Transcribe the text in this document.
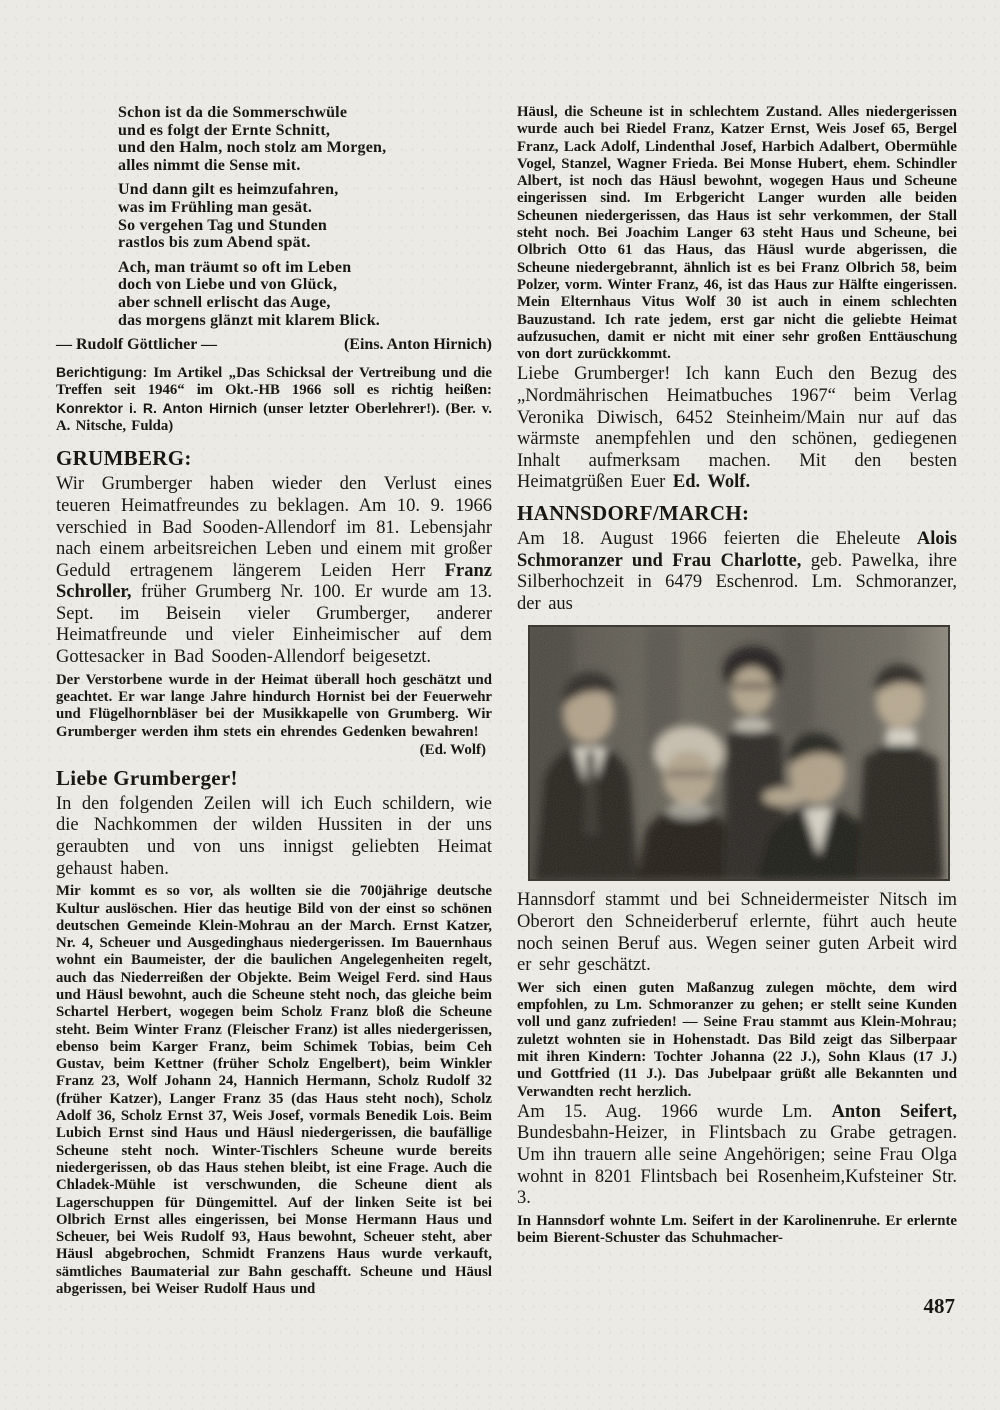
Schon ist da die Sommerschwüle
und es folgt der Ernte Schnitt,
und den Halm, noch stolz am Morgen,
alles nimmt die Sense mit.
Und dann gilt es heimzufahren,
was im Frühling man gesät.
So vergehen Tag und Stunden
rastlos bis zum Abend spät.
Ach, man träumt so oft im Leben
doch von Liebe und von Glück,
aber schnell erlischt das Auge,
das morgens glänzt mit klarem Blick.
— Rudolf Göttlicher —	(Eins. Anton Hirnich)

Berichtigung: Im Artikel „Das Schicksal der Vertreibung und die Treffen seit 1946“ im Okt.-HB 1966 soll es richtig heißen: Konrektor i. R. Anton Hirnich (unser letzter Oberlehrer!). (Ber. v. A. Nitsche, Fulda)

GRUMBERG:

Wir Grumberger haben wieder den Verlust eines teueren Heimatfreundes zu beklagen. Am 10. 9. 1966 verschied in Bad Sooden-Allendorf im 81. Lebensjahr nach einem arbeitsreichen Leben und einem mit großer Geduld ertragenem längerem Leiden Herr Franz Schroller, früher Grumberg Nr. 100. Er wurde am 13. Sept. im Beisein vieler Grumberger, anderer Heimatfreunde und vieler Einheimischer auf dem Gottesacker in Bad Sooden-Allendorf beigesetzt.

Der Verstorbene wurde in der Heimat überall hoch geschätzt und geachtet. Er war lange Jahre hindurch Hornist bei der Feuerwehr und Flügelhornbläser bei der Musikkapelle von Grumberg. Wir Grumberger werden ihm stets ein ehrendes Gedenken bewahren!

(Ed. Wolf)
Liebe Grumberger!

In den folgenden Zeilen will ich Euch schildern, wie die Nachkommen der wilden Hussiten in der uns geraubten und von uns innigst geliebten Heimat gehaust haben.

Mir kommt es so vor, als wollten sie die 700jährige deutsche Kultur auslöschen. Hier das heutige Bild von der einst so schönen deutschen Gemeinde Klein-Mohrau an der March. Ernst Katzer, Nr. 4, Scheuer und Ausgedinghaus niedergerissen. Im Bauernhaus wohnt ein Baumeister, der die baulichen Angelegenheiten regelt, auch das Niederreißen der Objekte. Beim Weigel Ferd. sind Haus und Häusl bewohnt, auch die Scheune steht noch, das gleiche beim Schartel Herbert, wogegen beim Scholz Franz bloß die Scheune steht. Beim Winter Franz (Fleischer Franz) ist alles niedergerissen, ebenso beim Karger Franz, beim Schimek Tobias, beim Ceh Gustav, beim Kettner (früher Scholz Engelbert), beim Winkler Franz 23, Wolf Johann 24, Hannich Hermann, Scholz Rudolf 32 (früher Katzer), Langer Franz 35 (das Haus steht noch), Scholz Adolf 36, Scholz Ernst 37, Weis Josef, vormals Benedik Lois. Beim Lubich Ernst sind Haus und Häusl niedergerissen, die baufällige Scheune steht noch. Winter-Tischlers Scheune wurde bereits niedergerissen, ob das Haus stehen bleibt, ist eine Frage. Auch die Chladek-Mühle ist verschwunden, die Scheune dient als Lagerschuppen für Düngemittel. Auf der linken Seite ist bei Olbrich Ernst alles eingerissen, bei Monse Hermann Haus und Scheuer, bei Weis Rudolf 93, Haus bewohnt, Scheuer steht, aber Häusl abgebrochen, Schmidt Franzens Haus wurde verkauft, sämtliches Baumaterial zur Bahn geschafft. Scheune und Häusl abgerissen, bei Weiser Rudolf Haus und

Häusl, die Scheune ist in schlechtem Zustand. Alles niedergerissen wurde auch bei Riedel Franz, Katzer Ernst, Weis Josef 65, Bergel Franz, Lack Adolf, Lindenthal Josef, Harbich Adalbert, Obermühle Vogel, Stanzel, Wagner Frieda. Bei Monse Hubert, ehem. Schindler Albert, ist noch das Häusl bewohnt, wogegen Haus und Scheune eingerissen sind. Im Erbgericht Langer wurden alle beiden Scheunen niedergerissen, das Haus ist sehr verkommen, der Stall steht noch. Bei Joachim Langer 63 steht Haus und Scheune, bei Olbrich Otto 61 das Haus, das Häusl wurde abgerissen, die Scheune niedergebrannt, ähnlich ist es bei Franz Olbrich 58, beim Polzer, vorm. Winter Franz, 46, ist das Haus zur Hälfte eingerissen. Mein Elternhaus Vitus Wolf 30 ist auch in einem schlechten Bauzustand. Ich rate jedem, erst gar nicht die geliebte Heimat aufzusuchen, damit er nicht mit einer sehr großen Enttäuschung von dort zurückkommt.

Liebe Grumberger! Ich kann Euch den Bezug des „Nordmährischen Heimatbuches 1967“ beim Verlag Veronika Diwisch, 6452 Steinheim/Main nur auf das wärmste anempfehlen und den schönen, gediegenen Inhalt aufmerksam machen. Mit den besten Heimatgrüßen Euer Ed. Wolf.

HANNSDORF/MARCH:

Am 18. August 1966 feierten die Eheleute Alois Schmoranzer und Frau Charlotte, geb. Pawelka, ihre Silberhochzeit in 6479 Eschenrod. Lm. Schmoranzer, der aus

Hannsdorf stammt und bei Schneidermeister Nitsch im Oberort den Schneiderberuf erlernte, führt auch heute noch seinen Beruf aus. Wegen seiner guten Arbeit wird er sehr geschätzt.

Wer sich einen guten Maßanzug zulegen möchte, dem wird empfohlen, zu Lm. Schmoranzer zu gehen; er stellt seine Kunden voll und ganz zufrieden! — Seine Frau stammt aus Klein-Mohrau; zuletzt wohnten sie in Hohenstadt. Das Bild zeigt das Silberpaar mit ihren Kindern: Tochter Johanna (22 J.), Sohn Klaus (17 J.) und Gottfried (11 J.). Das Jubelpaar grüßt alle Bekannten und Verwandten recht herzlich.

Am 15. Aug. 1966 wurde Lm. Anton Seifert, Bundesbahn-Heizer, in Flintsbach zu Grabe getragen. Um ihn trauern alle seine Angehörigen; seine Frau Olga wohnt in 8201 Flintsbach bei Rosenheim,Kufsteiner Str. 3.

In Hannsdorf wohnte Lm. Seifert in der Karolinenruhe. Er erlernte beim Bierent-Schuster das Schuhmacher-

487
